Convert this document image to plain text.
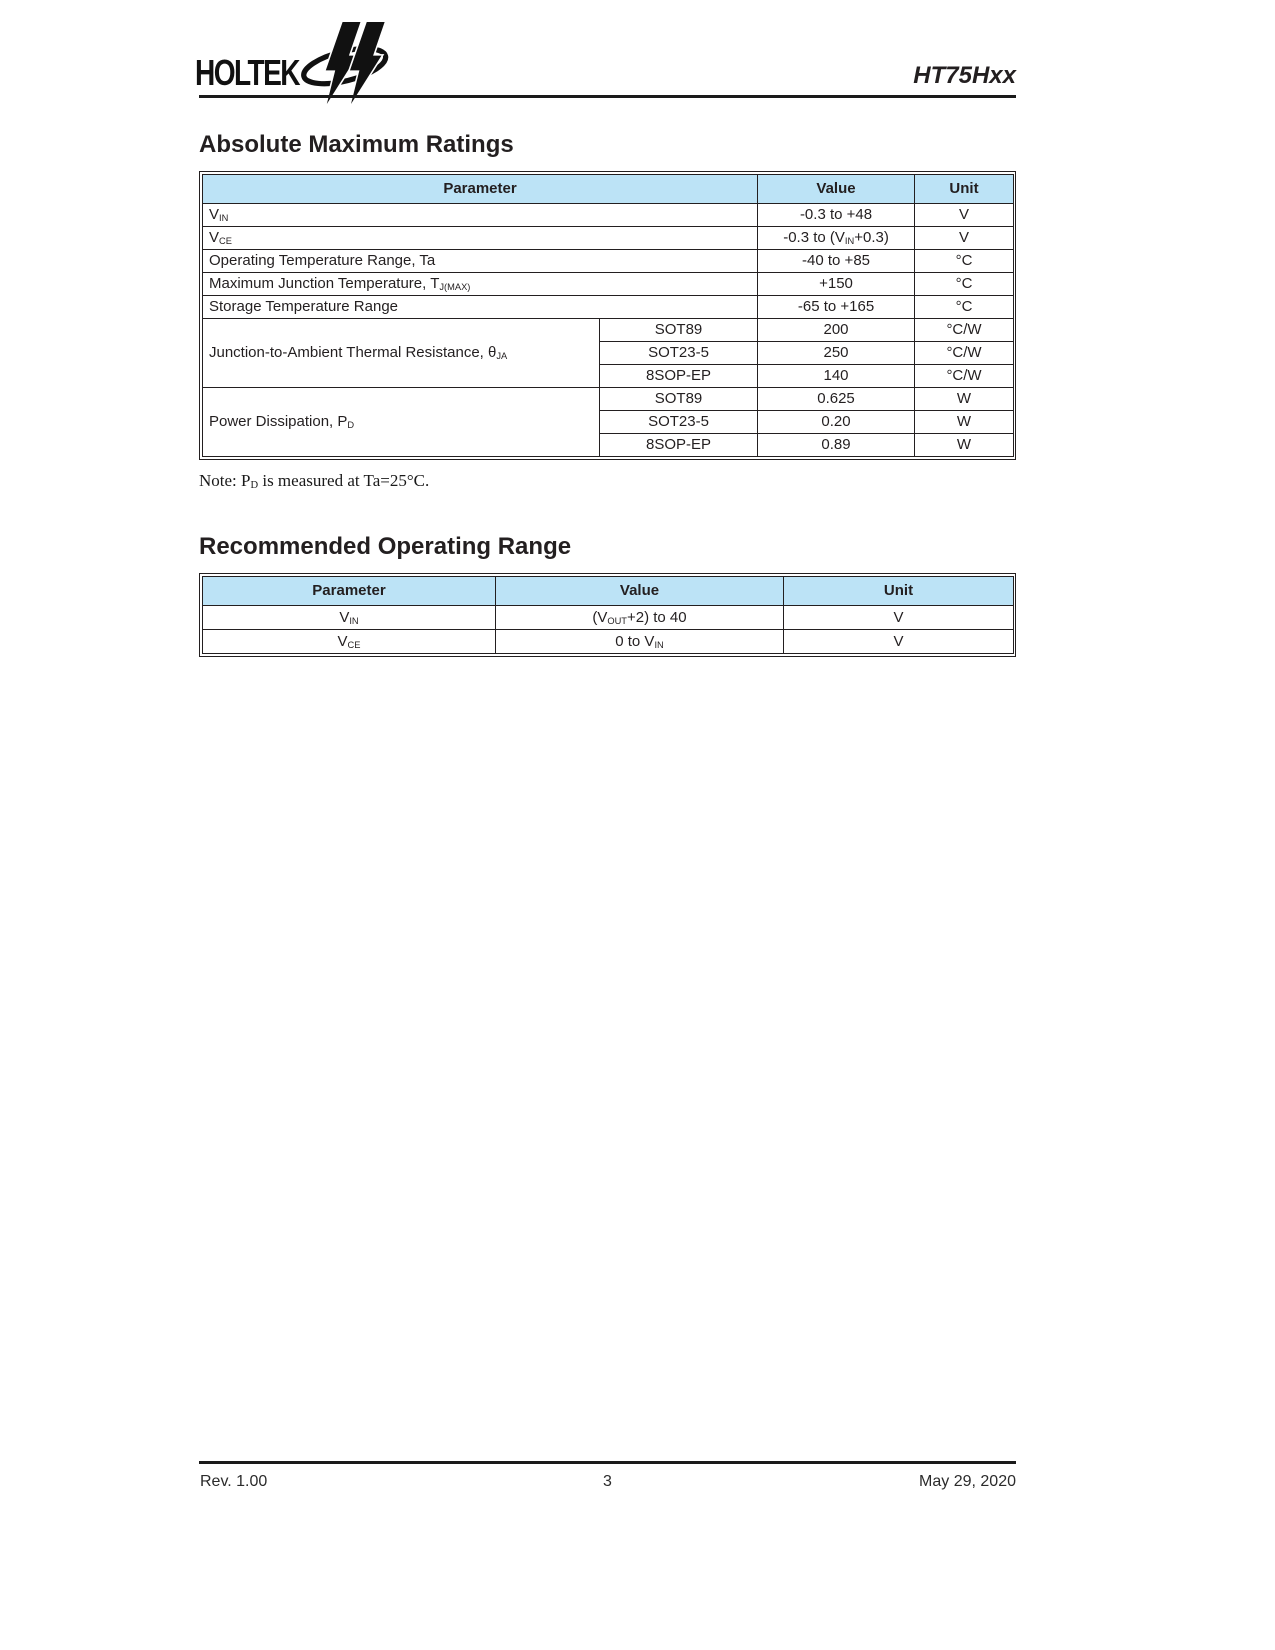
HOLTEK	HT75Hxx
Absolute Maximum Ratings
Parameter		Value	Unit
$V_{IN}$		-0.3 to +48	V
$V_{CE}$		-0.3 to $(V_{IN}+0.3)$	V
Operating Temperature Range, Ta		-40 to +85	°C
Maximum Junction Temperature, $T_{J(MAX)}$		+150	°C
Storage Temperature Range		-65 to +165	°C
Junction-to-Ambient Thermal Resistance, $\theta_{JA}$	SOT89	200	°C/W
	SOT23-5	250	°C/W
	8SOP-EP	140	°C/W
Power Dissipation, $P_D$	SOT89	0.625	W
	SOT23-5	0.20	W
	8SOP-EP	0.89	W

Note: $P_D$ is measured at Ta=25°C.

Recommended Operating Range
Parameter	Value	Unit
$V_{IN}$	$(V_{OUT}+2)$ to 40	V
$V_{CE}$	0 to $V_{IN}$	V
Rev. 1.00	3	May 29, 2020
